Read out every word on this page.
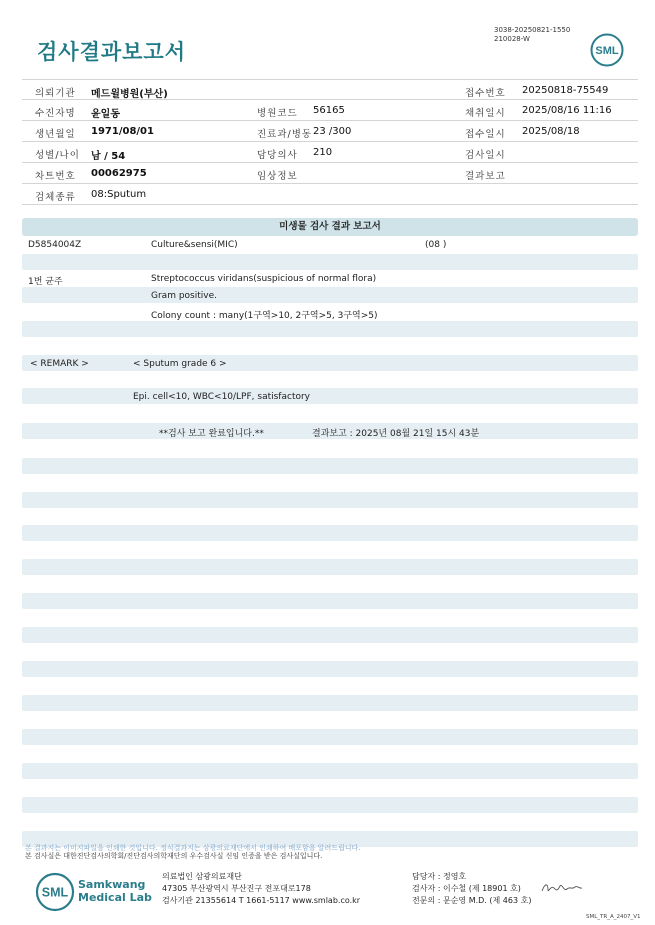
검사결과보고서
3038-20250821-1550
210028-W
SML
의뢰기관 메드윌병원(부산)	접수번호 20250818-75549
수진자명 윤일동	병원코드 56165	채취일시 2025/08/16 11:16
생년월일 1971/08/01	진료과/병동 23 /300	접수일시 2025/08/18
성별/나이 남 / 54	담당의사 210	검사일시
차트번호 00062975	임상정보	결과보고
검체종류 08:Sputum
미생물 검사 결과 보고서
D5854004Z	Culture&sensi(MIC)	(08 )
1번 균주	Streptococcus viridans(suspicious of normal flora)
Gram positive.
Colony count : many(1구역>10, 2구역>5, 3구역>5)
< REMARK >	< Sputum grade 6 >
Epi. cell<10, WBC<10/LPF, satisfactory
**검사 보고 완료입니다.**	결과보고 : 2025년 08월 21일 15시 43분
본 결과지는 이미지파일을 인쇄한 것입니다. 정식결과지는 삼광의료재단에서 인쇄하여 배포함을 알려드립니다.
본 검사실은 대한진단검사의학회/진단검사의학재단의 우수검사실 신임 인증을 받은 검사실입니다.
SML
Samkwang
Medical Lab
의료법인 삼광의료재단
47305 부산광역시 부산진구 전포대로178
검사기관 21355614 T 1661-5117 www.smlab.co.kr
담당자 : 정영호
검사자 : 이수철 (제 18901 호)
전문의 : 문순영 M.D. (제 463 호)
SML_TR_A_2407_V1
